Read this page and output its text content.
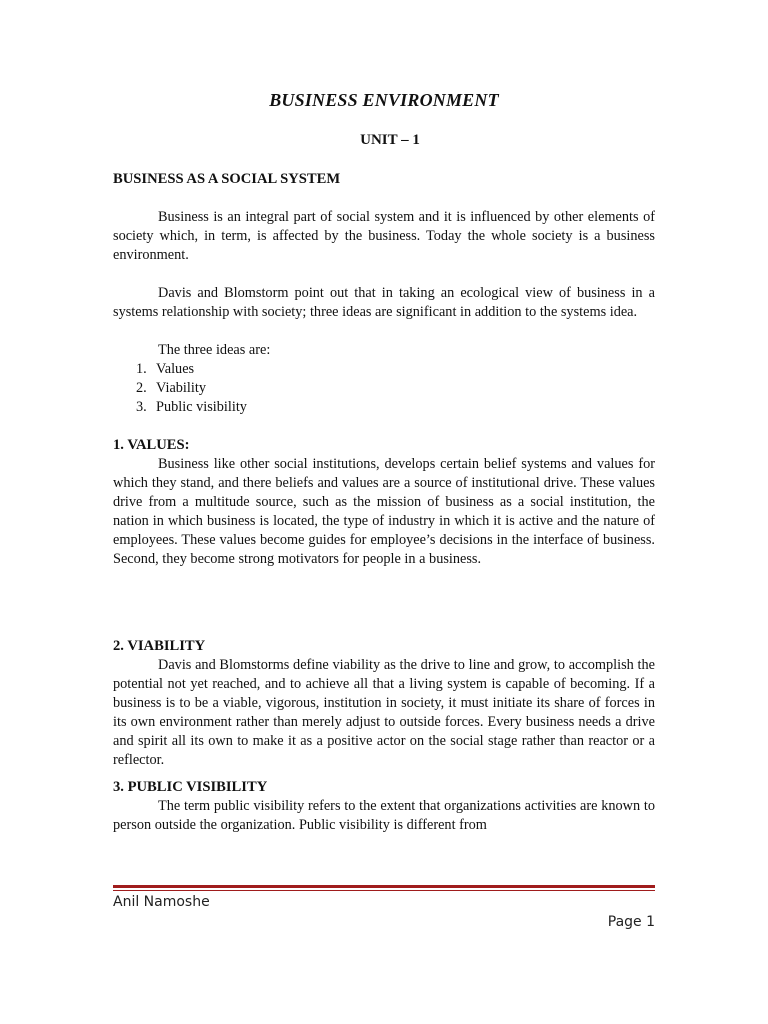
BUSINESS ENVIRONMENT
UNIT – 1
BUSINESS AS A SOCIAL SYSTEM

Business is an integral part of social system and it is influenced by other elements of society which, in term, is affected by the business. Today the whole society is a business environment.

Davis and Blomstorm point out that in taking an ecological view of business in a systems relationship with society; three ideas are significant in addition to the systems idea.

The three ideas are:

1. Values
2. Viability
3. Public visibility
1. VALUES:

Business like other social institutions, develops certain belief systems and values for which they stand, and there beliefs and values are a source of institutional drive. These values drive from a multitude source, such as the mission of business as a social institution, the nation in which business is located, the type of industry in which it is active and the nature of employees. These values become guides for employee’s decisions in the interface of business. Second, they become strong motivators for people in a business.

2. VIABILITY

Davis and Blomstorms define viability as the drive to line and grow, to accomplish the potential not yet reached, and to achieve all that a living system is capable of becoming. If a business is to be a viable, vigorous, institution in society, it must initiate its share of forces in its own environment rather than merely adjust to outside forces. Every business needs a drive and spirit all its own to make it as a positive actor on the social stage rather than reactor or a reflector.

3. PUBLIC VISIBILITY

The term public visibility refers to the extent that organizations activities are known to person outside the organization. Public visibility is different from

Anil Namoshe
Page 1
